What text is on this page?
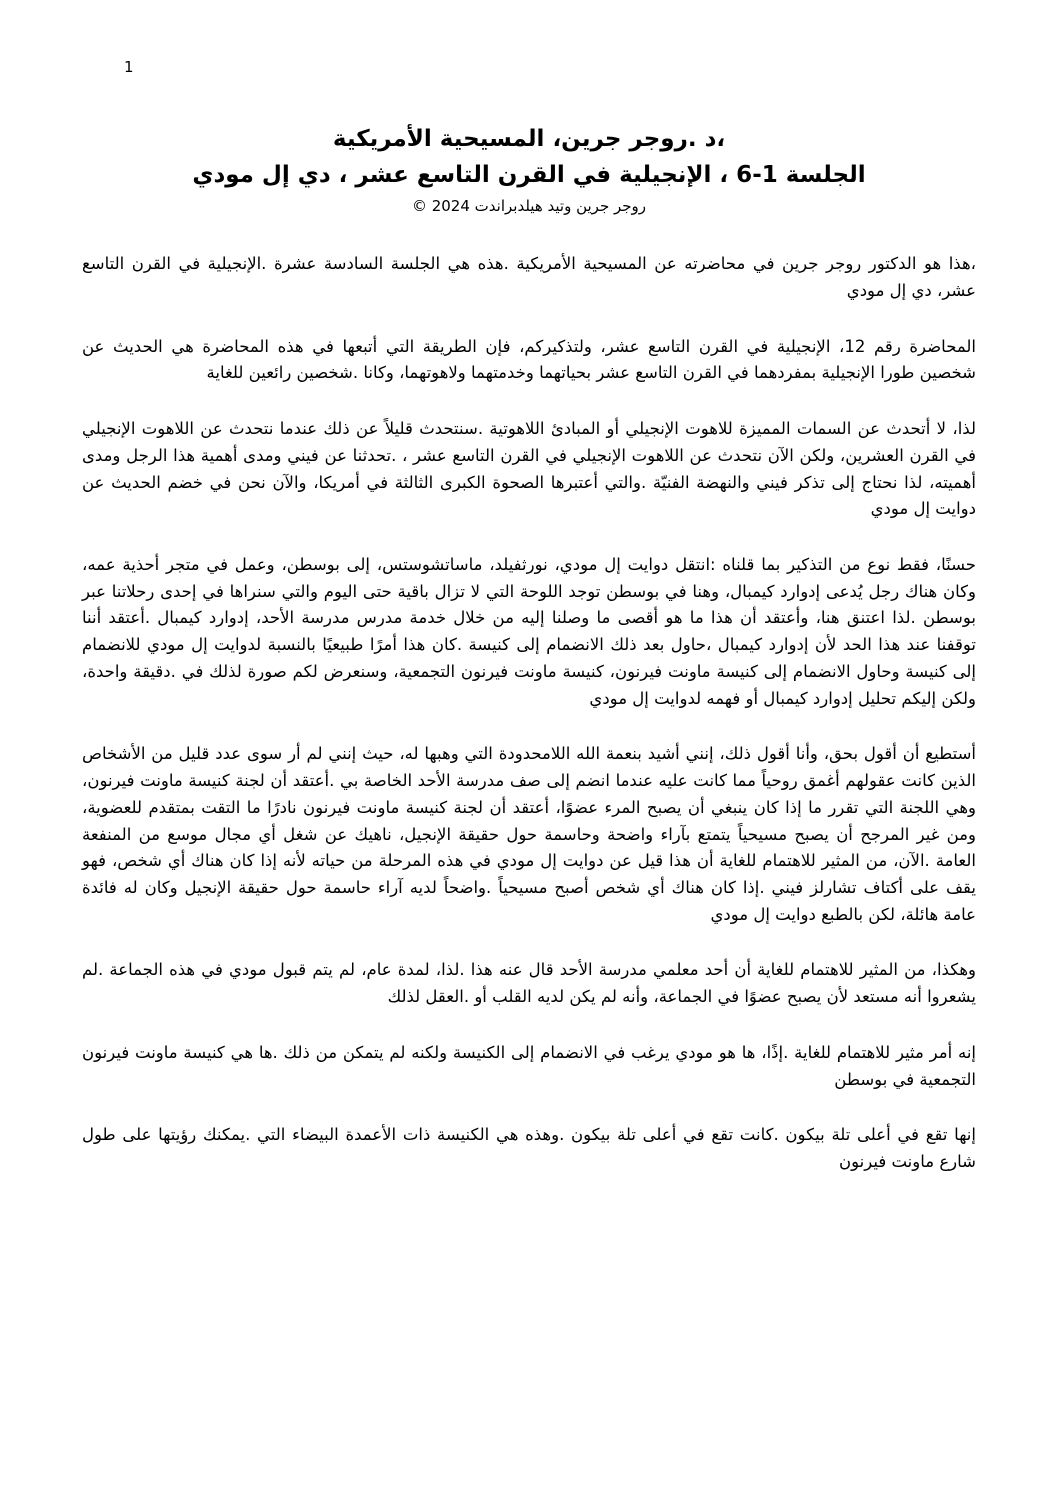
1
،د .روجر جرين، المسيحية الأمريكية
الجلسة 1-6 ، الإنجيلية في القرن التاسع عشر ، دي إل مودي
روجر جرين وتيد هيلدبراندت 2024 ©

،هذا هو الدكتور روجر جرين في محاضرته عن المسيحية الأمريكية .هذه هي الجلسة السادسة عشرة .الإنجيلية في القرن التاسع عشر، دي إل مودي

المحاضرة رقم 12، الإنجيلية في القرن التاسع عشر، ولتذكيركم، فإن الطريقة التي أتبعها في هذه المحاضرة هي الحديث عن شخصين طورا الإنجيلية بمفردهما في القرن التاسع عشر بحياتهما وخدمتهما ولاهوتهما، وكانا .شخصين رائعين للغاية

لذا، لا أتحدث عن السمات المميزة للاهوت الإنجيلي أو المبادئ اللاهوتية .سنتحدث قليلاً عن ذلك عندما نتحدث عن اللاهوت الإنجيلي في القرن العشرين، ولكن الآن نتحدث عن اللاهوت الإنجيلي في القرن التاسع عشر ، .تحدثنا عن فيني ومدى أهمية هذا الرجل ومدى أهميته، لذا نحتاج إلى تذكر فيني والنهضة الفنيّة .والتي أعتبرها الصحوة الكبرى الثالثة في أمريكا، والآن نحن في خضم الحديث عن دوايت إل مودي

حسنًا، فقط نوع من التذكير بما قلناه :انتقل دوايت إل مودي، نورثفيلد، ماساتشوستس، إلى بوسطن، وعمل في متجر أحذية عمه، وكان هناك رجل يُدعى إدوارد كيمبال، وهنا في بوسطن توجد اللوحة التي لا تزال باقية حتى اليوم والتي سنراها في إحدى رحلاتنا عبر بوسطن .لذا اعتنق هنا، وأعتقد أن هذا ما هو أقصى ما وصلنا إليه من خلال خدمة مدرس مدرسة الأحد، إدوارد كيمبال .أعتقد أننا توقفنا عند هذا الحد لأن إدوارد كيمبال ،حاول بعد ذلك الانضمام إلى كنيسة .كان هذا أمرًا طبيعيًا بالنسبة لدوايت إل مودي للانضمام إلى كنيسة وحاول الانضمام إلى كنيسة ماونت فيرنون، كنيسة ماونت فيرنون التجمعية، وسنعرض لكم صورة لذلك في .دقيقة واحدة، ولكن إليكم تحليل إدوارد كيمبال أو فهمه لدوايت إل مودي

أستطيع أن أقول بحق، وأنا أقول ذلك، إنني أشيد بنعمة الله اللامحدودة التي وهبها له، حيث إنني لم أر سوى عدد قليل من الأشخاص الذين كانت عقولهم أغمق روحياً مما كانت عليه عندما انضم إلى صف مدرسة الأحد الخاصة بي .أعتقد أن لجنة كنيسة ماونت فيرنون، وهي اللجنة التي تقرر ما إذا كان ينبغي أن يصبح المرء عضوًا، أعتقد أن لجنة كنيسة ماونت فيرنون نادرًا ما التقت بمتقدم للعضوية، ومن غير المرجح أن يصبح مسيحياً يتمتع بآراء واضحة وحاسمة حول حقيقة الإنجيل، ناهيك عن شغل أي مجال موسع من المنفعة العامة .الآن، من المثير للاهتمام للغاية أن هذا قيل عن دوايت إل مودي في هذه المرحلة من حياته لأنه إذا كان هناك أي شخص، فهو يقف على أكتاف تشارلز فيني .إذا كان هناك أي شخص أصبح مسيحياً .واضحاً لديه آراء حاسمة حول حقيقة الإنجيل وكان له فائدة عامة هائلة، لكن بالطبع دوايت إل مودي

وهكذا، من المثير للاهتمام للغاية أن أحد معلمي مدرسة الأحد قال عنه هذا .لذا، لمدة عام، لم يتم قبول مودي في هذه الجماعة .لم يشعروا أنه مستعد لأن يصبح عضوًا في الجماعة، وأنه لم يكن لديه القلب أو .العقل لذلك

إنه أمر مثير للاهتمام للغاية .إذًا، ها هو مودي يرغب في الانضمام إلى الكنيسة ولكنه لم يتمكن من ذلك .ها هي كنيسة ماونت فيرنون التجمعية في بوسطن

إنها تقع في أعلى تلة بيكون .كانت تقع في أعلى تلة بيكون .وهذه هي الكنيسة ذات الأعمدة البيضاء التي .يمكنك رؤيتها على طول شارع ماونت فيرنون
